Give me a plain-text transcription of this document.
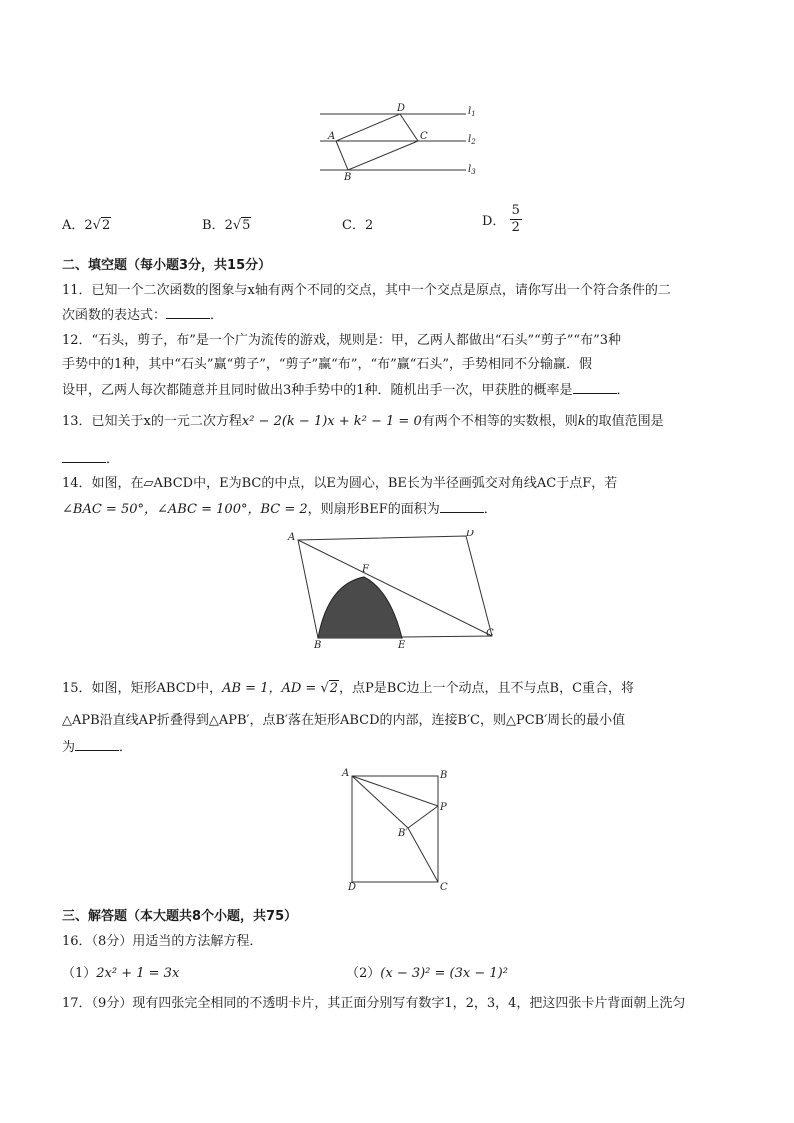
D
A	C
B
$l_1$
$l_2$
$l_3$
A．2√2	B．2√5	C．2	D． $\frac{5}{2}$
二、填空题（每小题3分，共15分）
11．已知一个二次函数的图象与x轴有两个不同的交点，其中一个交点是原点，请你写出一个符合条件的二
次函数的表达式：	．
12．“石头，剪子，布”是一个广为流传的游戏，规则是：甲，乙两人都做出“石头”“剪子”“布”3种
手势中的1种，其中“石头”赢“剪子”，“剪子”赢“布”，“布”赢“石头”，手势相同不分输赢．假
设甲，乙两人每次都随意并且同时做出3种手势中的1种．随机出手一次，甲获胜的概率是	．
13．已知关于x的一元二次方程x² − 2(k − 1)x + k² − 1 = 0有两个不相等的实数根，则k的取值范围是
．
14．如图，在▱ABCD中，E为BC的中点，以E为圆心，BE长为半径画弧交对角线AC于点F，若
∠BAC = 50°，∠ABC = 100°，BC = 2，则扇形BEF的面积为	．
A	D
F
B	E
C
15．如图，矩形ABCD中，AB = 1，AD = √2，点P是BC边上一个动点，且不与点B，C重合，将
△APB沿直线AP折叠得到△APB′，点B′落在矩形ABCD的内部，连接B′C，则△PCB′周长的最小值
为	．
A	B
P
B′
D	C
三、解答题（本大题共8个小题，共75）
16．（8分）用适当的方法解方程．
（1）2x² + 1 = 3x	（2）(x − 3)² = (3x − 1)²
17．（9分）现有四张完全相同的不透明卡片，其正面分别写有数字1，2，3，4，把这四张卡片背面朝上洗匀
